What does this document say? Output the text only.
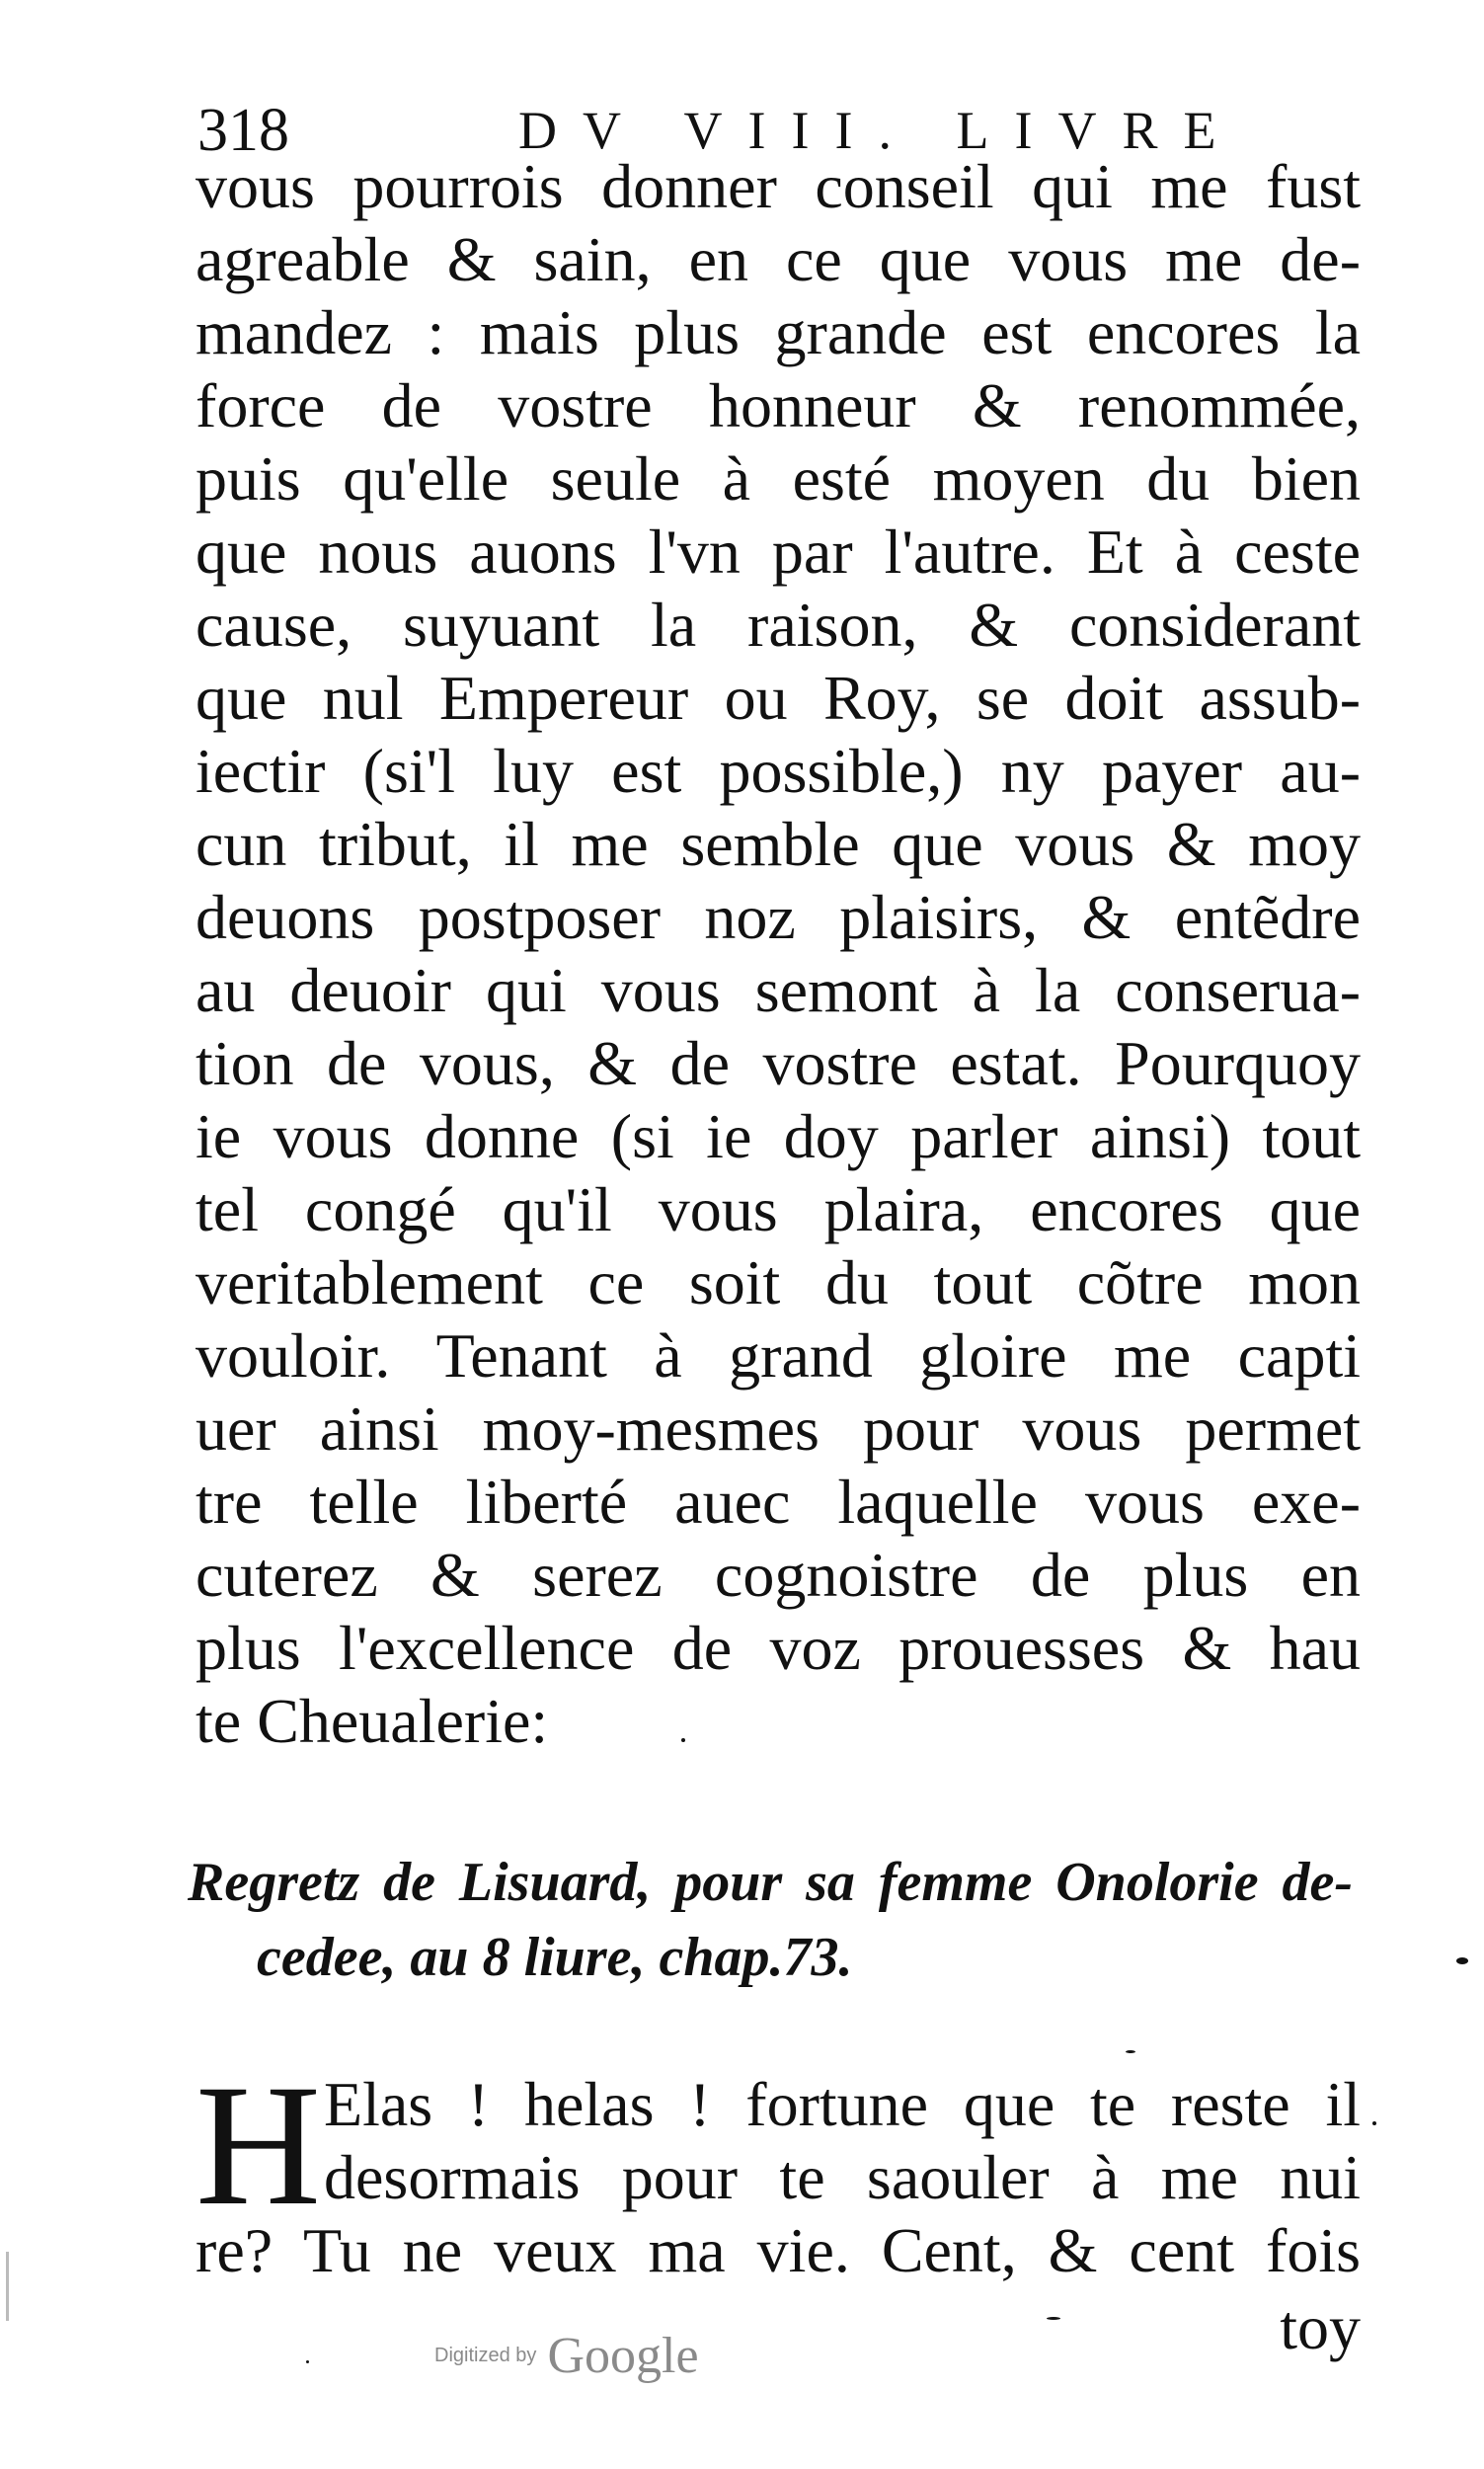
318	DV VIII. LIVRE
vous pourrois donner conseil qui me fust
agreable & sain, en ce que vous me de-
mandez : mais plus grande est encores la
force de vostre honneur & renommée,
puis qu'elle seule à esté moyen du bien
que nous auons l'vn par l'autre. Et à ceste
cause, suyuant la raison, & considerant
que nul Empereur ou Roy, se doit assub-
iectir (si'l luy est possible,) ny payer au-
cun tribut, il me semble que vous & moy
deuons postposer noz plaisirs, & entẽdre
au deuoir qui vous semont à la conserua-
tion de vous, & de vostre estat. Pourquoy
ie vous donne (si ie doy parler ainsi) tout
tel congé qu'il vous plaira, encores que
veritablement ce soit du tout cõtre mon
vouloir. Tenant à grand gloire me capti
uer ainsi moy-mesmes pour vous permet
tre telle liberté auec laquelle vous exe-
cuterez & serez cognoistre de plus en
plus l'excellence de voz prouesses & hau
te Cheualerie:
Regretz de Lisuard, pour sa femme Onolorie de-
cedee, au 8 liure, chap.73.
H Elas ! helas ! fortune que te reste il
desormais pour te saouler à me nui
re? Tu ne veux ma vie. Cent, & cent fois
toy
Digitized by Google
